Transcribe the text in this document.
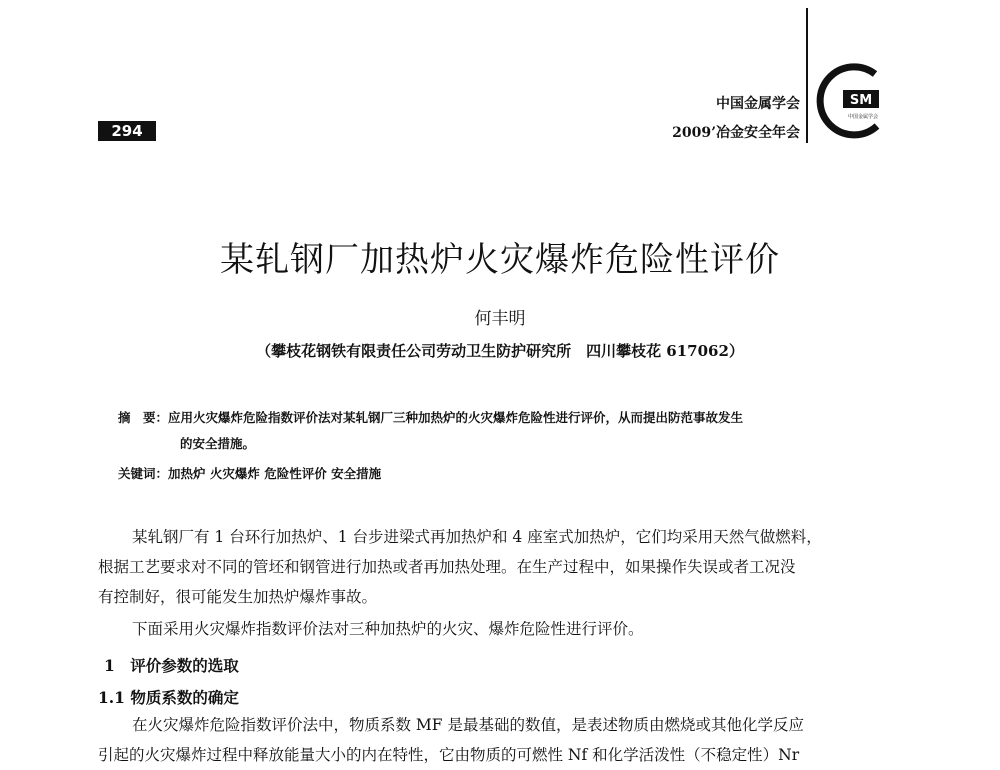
294
中国金属学会
2009’冶金安全年会
SM
中国金属学会
某轧钢厂加热炉火灾爆炸危险性评价
何丰明
（攀枝花钢铁有限责任公司劳动卫生防护研究所　四川攀枝花 617062）
摘　要：应用火灾爆炸危险指数评价法对某轧钢厂三种加热炉的火灾爆炸危险性进行评价，从而提出防范事故发生
的安全措施。
关键词：加热炉 火灾爆炸 危险性评价 安全措施
某轧钢厂有 1 台环行加热炉、1 台步进梁式再加热炉和 4 座室式加热炉，它们均采用天然气做燃料，
根据工艺要求对不同的管坯和钢管进行加热或者再加热处理。在生产过程中，如果操作失误或者工况没
有控制好，很可能发生加热炉爆炸事故。
下面采用火灾爆炸指数评价法对三种加热炉的火灾、爆炸危险性进行评价。
1　评价参数的选取
1.1 物质系数的确定
在火灾爆炸危险指数评价法中，物质系数 MF 是最基础的数值，是表述物质由燃烧或其他化学反应
引起的火灾爆炸过程中释放能量大小的内在特性，它由物质的可燃性 Nf 和化学活泼性（不稳定性）Nr
